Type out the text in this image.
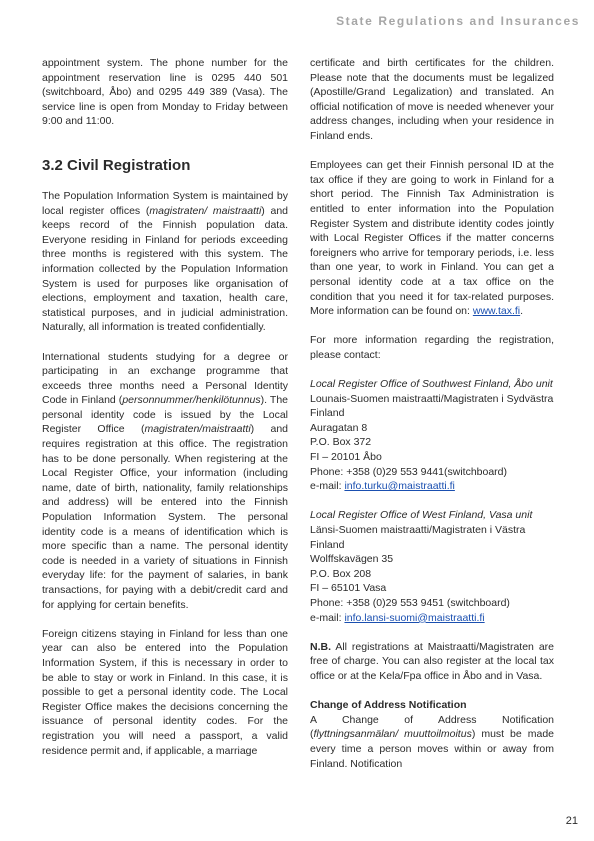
State Regulations and Insurances

appointment system. The phone number for the appointment reservation line is 0295 440 501 (switchboard, Åbo) and 0295 449 389 (Vasa). The service line is open from Monday to Friday between 9:00 and 11:00.

3.2 Civil Registration

The Population Information System is maintained by local register offices (magistraten/ maistraatti) and keeps record of the Finnish population data. Everyone residing in Finland for periods exceeding three months is registered with this system. The information collected by the Population Information System is used for purposes like organisation of elections, employment and taxation, health care, statistical purposes, and in judicial administration. Naturally, all information is treated confidentially.

International students studying for a degree or participating in an exchange programme that exceeds three months need a Personal Identity Code in Finland (personnummer/henkilötunnus). The personal identity code is issued by the Local Register Office (magistraten/maistraatti) and requires registration at this office. The registration has to be done personally. When registering at the Local Register Office, your information (including name, date of birth, nationality, family relationships and address) will be entered into the Finnish Population Information System. The personal identity code is a means of identification which is more specific than a name. The personal identity code is needed in a variety of situations in Finnish everyday life: for the payment of salaries, in bank transactions, for paying with a debit/credit card and for applying for certain benefits.

Foreign citizens staying in Finland for less than one year can also be entered into the Population Information System, if this is necessary in order to be able to stay or work in Finland. In this case, it is possible to get a personal identity code. The Local Register Office makes the decisions concerning the issuance of personal identity codes. For the registration you will need a passport, a valid residence permit and, if applicable, a marriage

certificate and birth certificates for the children. Please note that the documents must be legalized (Apostille/Grand Legalization) and translated. An official notification of move is needed whenever your address changes, including when your residence in Finland ends.

Employees can get their Finnish personal ID at the tax office if they are going to work in Finland for a short period. The Finnish Tax Administration is entitled to enter information into the Population Register System and distribute identity codes jointly with Local Register Offices if the matter concerns foreigners who arrive for temporary periods, i.e. less than one year, to work in Finland. You can get a personal identity code at a tax office on the condition that you need it for tax-related purposes. More information can be found on: www.tax.fi.

For more information regarding the registration, please contact:

Local Register Office of Southwest Finland, Åbo unit

Lounais-Suomen maistraatti/Magistraten i Sydvästra Finland

Auragatan 8

P.O. Box 372

FI – 20101 Åbo

Phone: +358 (0)29 553 9441(switchboard)

e-mail: info.turku@maistraatti.fi

Local Register Office of West Finland, Vasa unit

Länsi-Suomen maistraatti/Magistraten i Västra Finland

Wolffskavägen 35

P.O. Box 208

FI – 65101 Vasa

Phone: +358 (0)29 553 9451 (switchboard)

e-mail: info.lansi-suomi@maistraatti.fi

N.B. All registrations at Maistraatti/Magistraten are free of charge. You can also register at the local tax office or at the Kela/Fpa office in Åbo and in Vasa.

Change of Address Notification

A Change of Address Notification (flyttningsanmälan/ muuttoilmoitus) must be made every time a person moves within or away from Finland. Notification

21
